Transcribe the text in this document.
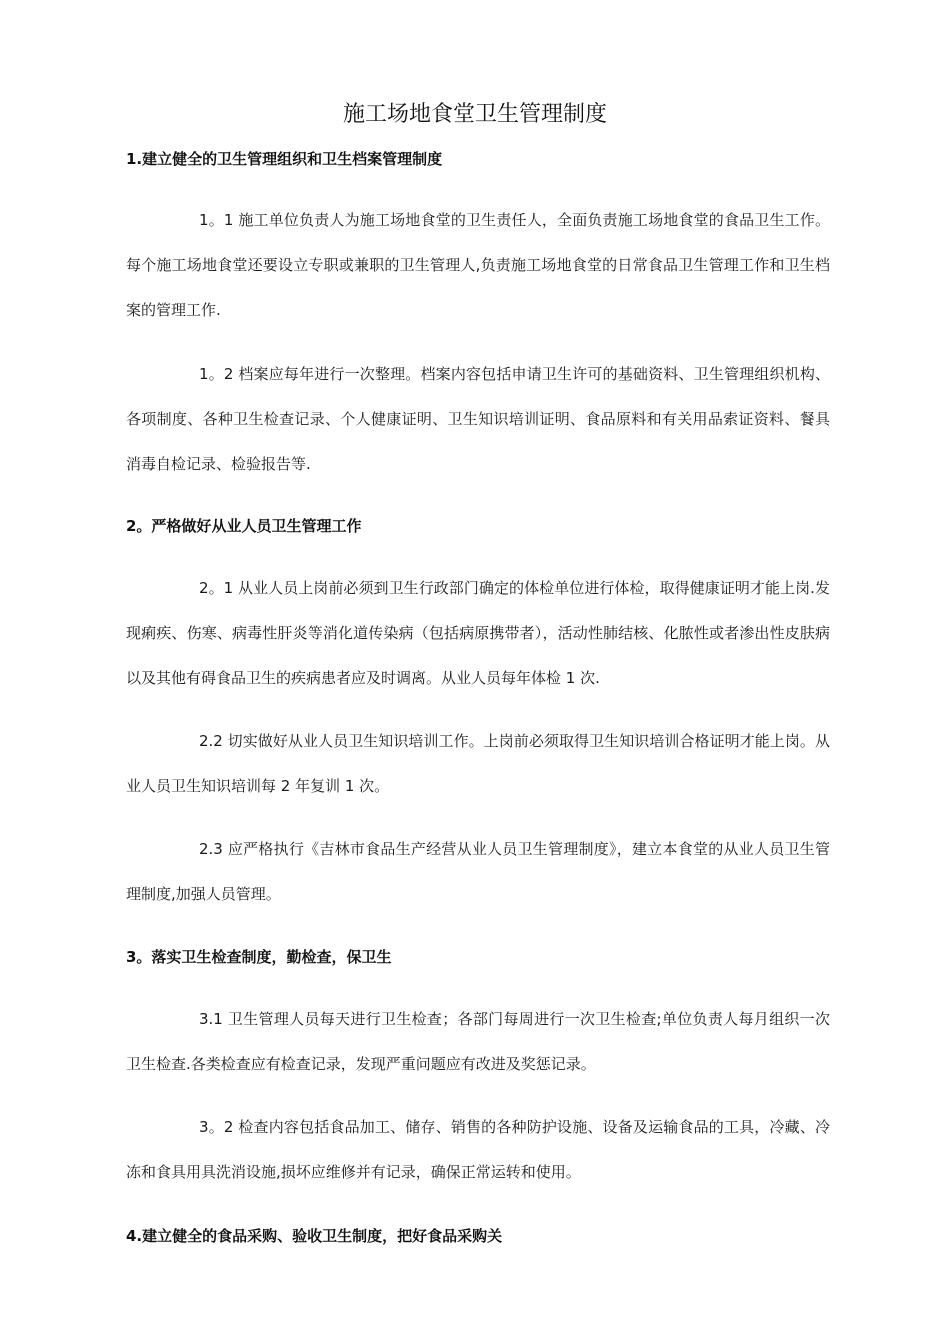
施工场地食堂卫生管理制度
1.建立健全的卫生管理组织和卫生档案管理制度

1。1 施工单位负责人为施工场地食堂的卫生责任人，全面负责施工场地食堂的食品卫生工作。每个施工场地食堂还要设立专职或兼职的卫生管理人,负责施工场地食堂的日常食品卫生管理工作和卫生档案的管理工作.

1。2 档案应每年进行一次整理。档案内容包括申请卫生许可的基础资料、卫生管理组织机构、各项制度、各种卫生检查记录、个人健康证明、卫生知识培训证明、食品原料和有关用品索证资料、餐具消毒自检记录、检验报告等.

2。严格做好从业人员卫生管理工作

2。1 从业人员上岗前必须到卫生行政部门确定的体检单位进行体检，取得健康证明才能上岗.发现痢疾、伤寒、病毒性肝炎等消化道传染病（包括病原携带者），活动性肺结核、化脓性或者渗出性皮肤病以及其他有碍食品卫生的疾病患者应及时调离。从业人员每年体检 1 次.

2.2 切实做好从业人员卫生知识培训工作。上岗前必须取得卫生知识培训合格证明才能上岗。从业人员卫生知识培训每 2 年复训 1 次。

2.3 应严格执行《吉林市食品生产经营从业人员卫生管理制度》，建立本食堂的从业人员卫生管理制度,加强人员管理。

3。落实卫生检查制度，勤检查，保卫生

3.1 卫生管理人员每天进行卫生检查；各部门每周进行一次卫生检查;单位负责人每月组织一次卫生检查.各类检查应有检查记录，发现严重问题应有改进及奖惩记录。

3。2 检查内容包括食品加工、储存、销售的各种防护设施、设备及运输食品的工具，冷藏、冷冻和食具用具洗消设施,损坏应维修并有记录，确保正常运转和使用。

4.建立健全的食品采购、验收卫生制度，把好食品采购关
